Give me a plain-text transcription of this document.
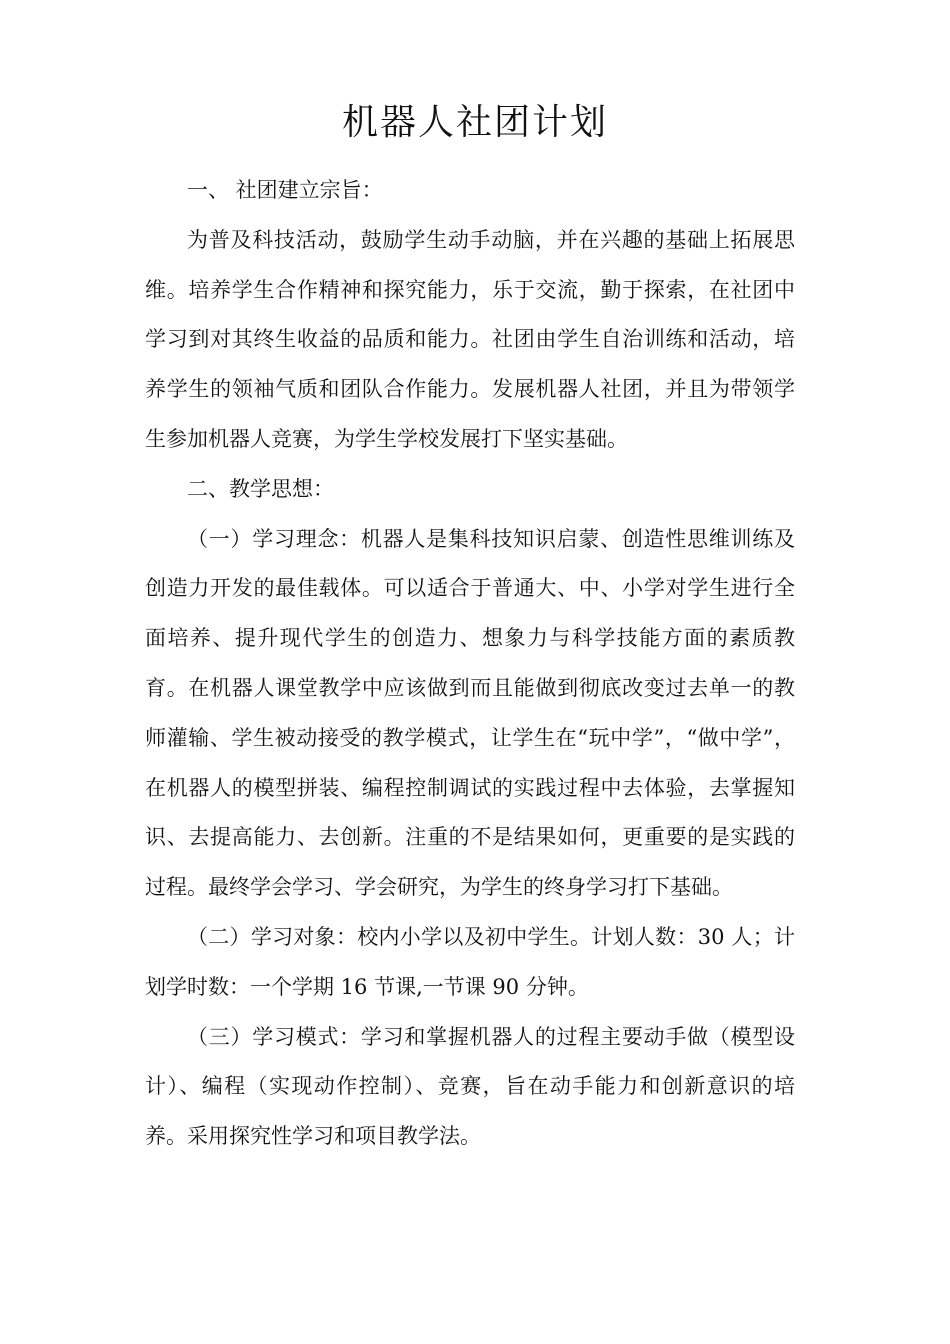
机器人社团计划

一、 社团建立宗旨：

为普及科技活动，鼓励学生动手动脑，并在兴趣的基础上拓展思维。培养学生合作精神和探究能力，乐于交流，勤于探索，在社团中学习到对其终生收益的品质和能力。社团由学生自治训练和活动，培养学生的领袖气质和团队合作能力。发展机器人社团，并且为带领学生参加机器人竞赛，为学生学校发展打下坚实基础。

二、教学思想：

（一）学习理念：机器人是集科技知识启蒙、创造性思维训练及创造力开发的最佳载体。可以适合于普通大、中、小学对学生进行全面培养、提升现代学生的创造力、想象力与科学技能方面的素质教育。在机器人课堂教学中应该做到而且能做到彻底改变过去单一的教师灌输、学生被动接受的教学模式，让学生在“玩中学”，“做中学”，在机器人的模型拼装、编程控制调试的实践过程中去体验，去掌握知识、去提高能力、去创新。注重的不是结果如何，更重要的是实践的过程。最终学会学习、学会研究，为学生的终身学习打下基础。

（二）学习对象：校内小学以及初中学生。计划人数：30 人；计划学时数：一个学期 16 节课,一节课 90 分钟。

（三）学习模式：学习和掌握机器人的过程主要动手做（模型设计）、编程（实现动作控制）、竞赛，旨在动手能力和创新意识的培养。采用探究性学习和项目教学法。
